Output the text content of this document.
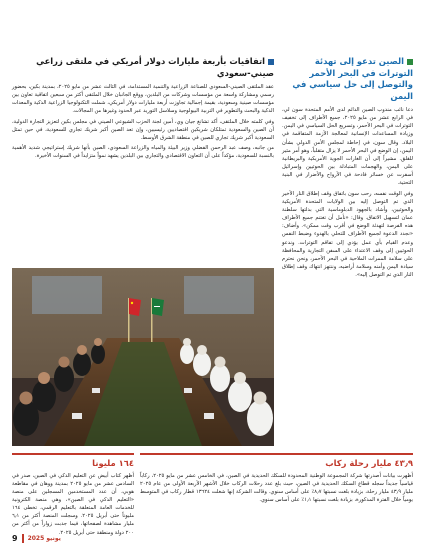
الصين تدعو إلى تهدئة التوترات في البحر الأحمر والتوصل إلى حل سياسي في اليمن

دعا نائب مندوب الصين الدائم لدى الأمم المتحدة سون لي، في الرابع عشر من مايو ٢٠٢٥، جميع الأطراف إلى تخفيف التوترات في البحر الأحمر، وتسريع الحل السياسي في اليمن. وزيادة المساعدات الإنسانية لمعالجة الأزمة المتفاقمة في البلاد. وقال سون، في إحاطة لمجلس الأمن الدولي بشأن اليمن، إن الوضع في البحر الأحمر لا يزال متقلباً، وهو أمر مثير للقلق. مشيراً إلى أن الغارات الجوية الأمريكية والبريطانية على اليمن، والهجمات المتبادلة بين الحوثيين وإسرائيل أسفرت عن خسائر فادحة في الأرواح والأضرار في البنية التحتية.

وفي الوقت نفسه، رحب سون باتفاق وقف إطلاق النار الأخير الذي تم التوصل إليه بين الولايات المتحدة الأمريكية والحوثيين، وأشاد بالجهود الدبلوماسية التي بذلتها سلطنة عمان لتسهيل الاتفاق. وقال: «نأمل أن تغتنم جميع الأطراف هذه الفرصة لتهدئة الوضع في أقرب وقت ممكن». وأضاف: «نجدد الدعوة لجميع الأطراف للتحلي بالهدوء وضبط النفس وعدم القيام بأي عمل يؤدي إلى تفاقم التوترات. وندعو الحوثيين إلى وقف الاعتداء على السفن التجارية والمحافظة على سلامة الممرات الملاحية في البحر الأحمر، ونحن نحترم سيادة اليمن وأمنه وسلامة أراضيه، وننتهز انتهاك وقف إطلاق النار الذي تم التوصل إليه».

اتفاقيات بأربعة مليارات دولار أمريكي في ملتقى زراعي صيني-سعودي

عقد الملتقى الصيني-السعودي للصناعة الزراعية والتنمية المستدامة، في الثالث عشر من مايو ٢٠٢٥، بمدينة بكين، بحضور رسمي ومشاركة واسعة من مؤسسات وشركات من البلدين، ووقع الجانبان خلال الملتقى أكثر من سبعين اتفاقية تعاون بين مؤسسات صينية وسعودية، بقيمة إجمالية تجاوزت أربعة مليارات دولار أمريكي، شملت التكنولوجيا الزراعية الذكية والمعدات الذكية والبحث والتطوير في التربية البيولوجية وسلاسل التوريد عبر الحدود وغيرها من المجالات.

وفي كلمته خلال الملتقى، أكد تشانغ جيان وي، أمين لجنة الحزب الشيوعي الصيني في مجلس بكين لتعزيز التجارة الدولية، أن الصين والسعودية تمتلكان شريكين اقتصاديين رئيسيين، وإن تعد الصين أكبر شريك تجاري للسعودية، في حين تمثل السعودية أكبر شريك تجاري للصين في منطقة الشرق الأوسط.

من جانبه، وصف عبد الرحمن الفضلي وزير البيئة والمياه والزراعة السعودي، الصين بأنها شريك إستراتيجي شديد الأهمية بالنسبة للسعودية، مؤكداً على أن التعاون الاقتصادي والتجاري بين البلدين يشهد نمواً متزايداً في السنوات الأخيرة.

٤٣٫٩ مليار رحلة ركاب
أظهرت بيانات أصدرتها شركة المجموعة الوطنية المحدودة للسكك الحديدية في الصين، في الخامس عشر من مايو ٢٠٢٥، ركاباً قياسياً جديداً سجله قطاع السكك الحديدية في الصين، حيث بلغ عدد رحلات الركاب خلال الأشهر الأربعة الأولى من عام ٢٠٢٥ مليار ٤٣٫٩ مليار رحلة، بزيادة بلغت نسبتها ٨٫٧٪ على أساس سنوي. وقالت الشركة إنها شغلت ١٣٦٢٤ قطار ركاب في المتوسط يومياً خلال الفترة المذكورة، بزيادة بلغت نسبتها ١٫١٪ على أساس سنوي.
١٦٤ مليونا
أظهر كتاب أبيض عن التعليم الذكي في الصين، صدر في السادس عشر من مايو ٢٠٢٥ بمدينة ووهان في مقاطعة هوبي، أن عدد المستخدمين المسجلين على منصة «التعليم الذكي في الصين»، وهي منصة الكترونية للخدمات العامة المتعلقة بالتعليم الرقمي، تخطى ١٦٤ مليوناً حتى أبريل ٢٠٢٥. وسجلت المنصة أكثر من ٦٫١ مليار مشاهدة لصفحاتها، فيما جذبت زواراً من أكثر من ٢٠٠ دولة ومنطقة حتى أبريل ٢٠٢٥.
9 يونيو 2025
